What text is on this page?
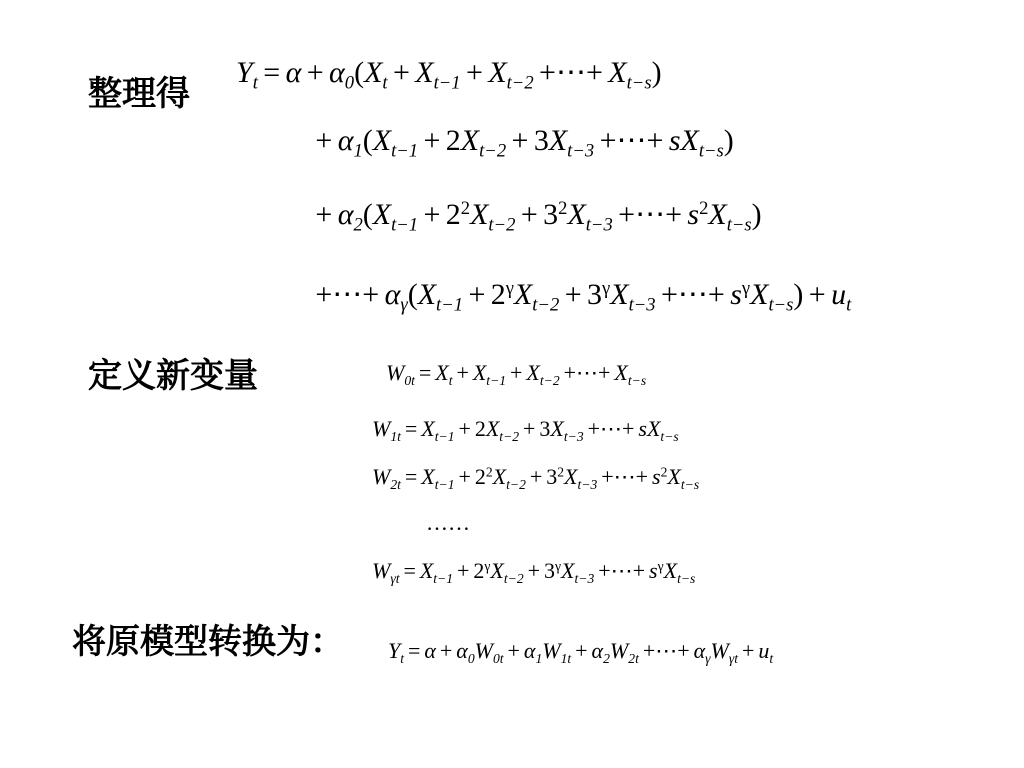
整理得
定义新变量
将原模型转换为：
$Y_t = \alpha + \alpha_0(X_t + X_{t-1} + X_{t-2}$ +⋯+ $X_{t-s}$)
+ $\alpha_1(X_{t-1} + 2X_{t-2} + 3X_{t-3}$ +⋯+ $sX_{t-s}$)
+ $\alpha_2(X_{t-1} + 2^2X_{t-2} + 3^2X_{t-3}$ +⋯+ $s^2X_{t-s}$)
+⋯+ $\alpha_\gamma(X_{t-1} + 2^\gamma X_{t-2} + 3^\gamma X_{t-3}$ +⋯+ $s^\gamma X_{t-s}) + u_t$
$W_{0t} = X_t + X_{t-1} + X_{t-2}$ +⋯+ $X_{t-s}$
$W_{1t} = X_{t-1} + 2X_{t-2} + 3X_{t-3}$ +⋯+ $sX_{t-s}$
$W_{2t} = X_{t-1} + 2^2X_{t-2} + 3^2X_{t-3}$ +⋯+ $s^2X_{t-s}$
……
$W_{\gamma t} = X_{t-1} + 2^\gamma X_{t-2} + 3^\gamma X_{t-3}$ +⋯+ $s^\gamma X_{t-s}$
$Y_t = \alpha + \alpha_0W_{0t} + \alpha_1W_{1t} + \alpha_2W_{2t}$ +⋯+ $\alpha_\gamma W_{\gamma t} + u_t$
